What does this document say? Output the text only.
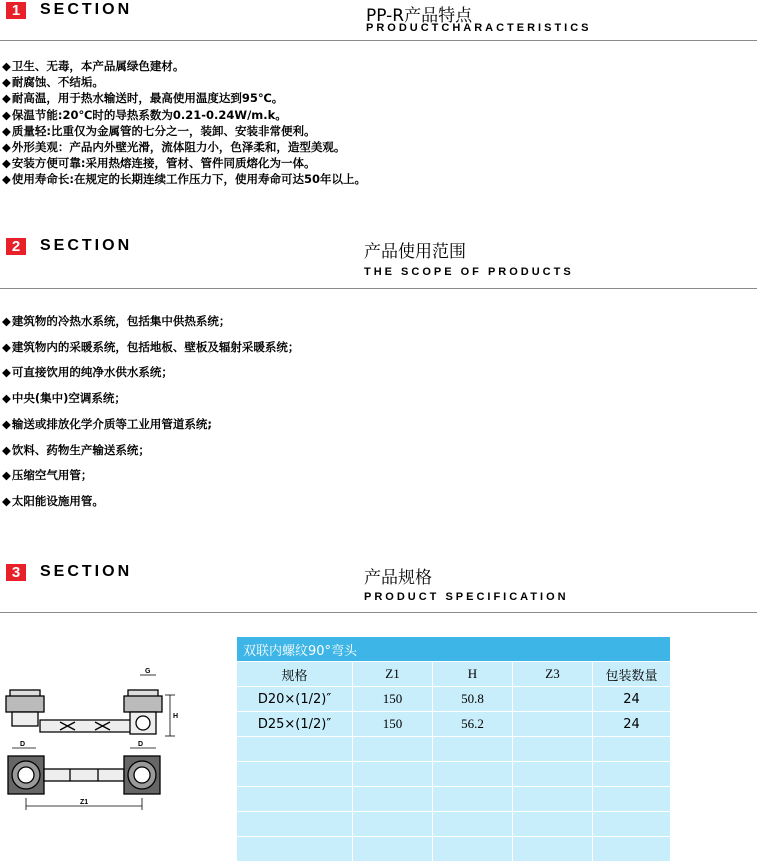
1	SECTION	PP-R产品特点
PRODUCTCHARACTERISTICS
◆ 卫生、无毒，本产品属绿色建材。
◆ 耐腐蚀、不结垢。
◆ 耐高温，用于热水输送时，最高使用温度达到95℃。
◆ 保温节能:20℃时的导热系数为0.21-0.24W/m.k。
◆ 质量轻:比重仅为金属管的七分之一，装卸、安装非常便利。
◆ 外形美观：产品内外壁光滑，流体阻力小，色泽柔和，造型美观。
◆ 安装方便可靠:采用热熔连接，管材、管件同质熔化为一体。
◆ 使用寿命长:在规定的长期连续工作压力下，使用寿命可达50年以上。
2	SECTION	产品使用范围
THE SCOPE OF PRODUCTS
◆ 建筑物的冷热水系统，包括集中供热系统；
◆ 建筑物内的采暖系统，包括地板、壁板及辐射采暖系统；
◆ 可直接饮用的纯净水供水系统；
◆ 中央(集中)空调系统；
◆ 输送或排放化学介质等工业用管道系统;
◆ 饮料、药物生产输送系统；
◆ 压缩空气用管；
◆ 太阳能设施用管。
3	SECTION	产品规格
PRODUCT SPECIFICATION
G
H
D	D
Z1
双联内螺纹90°弯头				
规格	Z1	H	Z3	包装数量
D20×(1/2)″	150	50.8		24
D25×(1/2)″	150	56.2		24
